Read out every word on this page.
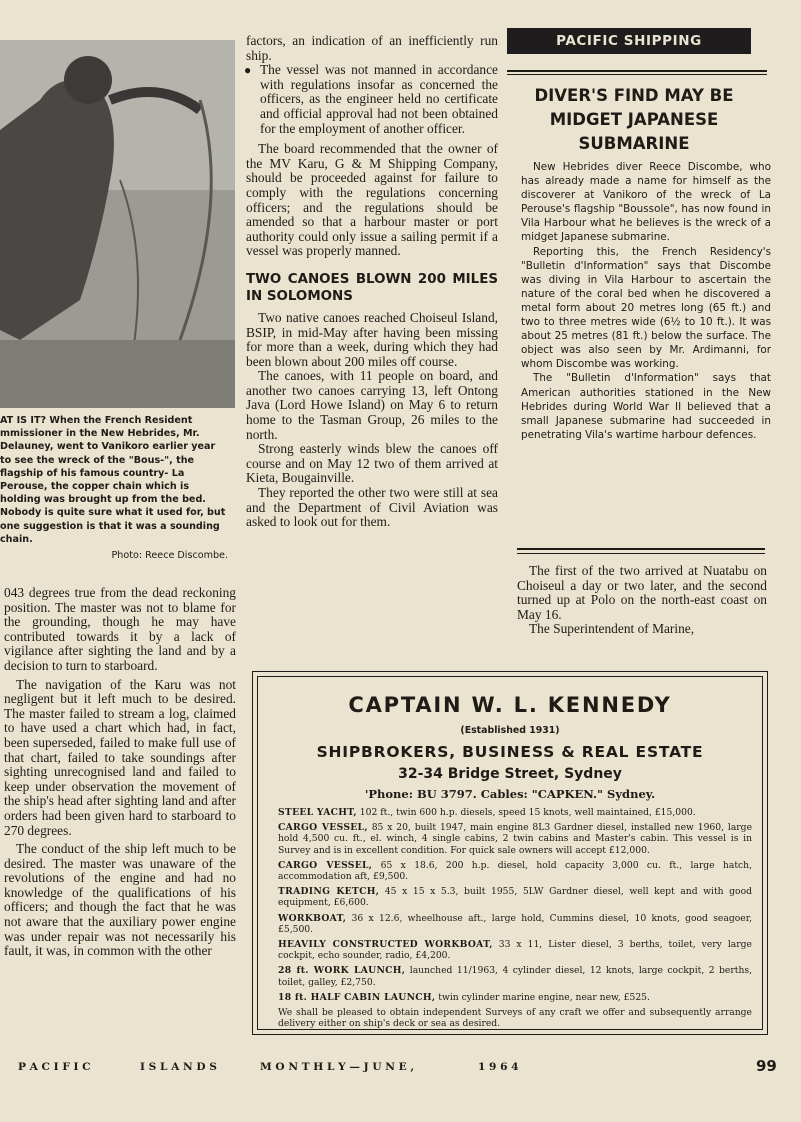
AT IS IT? When the French Resident mmissioner in the New Hebrides, Mr. Delauney, went to Vanikoro earlier year to see the wreck of the "Bous-", the flagship of his famous country- La Perouse, the copper chain which is holding was brought up from the bed. Nobody is quite sure what it used for, but one suggestion is that it was a sounding chain.
Photo: Reece Discombe.

043 degrees true from the dead reckoning position. The master was not to blame for the grounding, though he may have contributed towards it by a lack of vigilance after sighting the land and by a decision to turn to starboard.

The navigation of the Karu was not negligent but it left much to be desired. The master failed to stream a log, claimed to have used a chart which had, in fact, been superseded, failed to make full use of that chart, failed to take soundings after sighting unrecognised land and failed to keep under observation the movement of the ship's head after sighting land and after orders had been given hard to starboard to 270 degrees.

The conduct of the ship left much to be desired. The master was unaware of the revolutions of the engine and had no knowledge of the qualifications of his officers; and though the fact that he was not aware that the auxiliary power engine was under repair was not necessarily his fault, it was, in common with the other

factors, an indication of an inefficiently run ship.

● The vessel was not manned in accordance with regulations insofar as concerned the officers, as the engineer held no certificate and official approval had not been obtained for the employment of another officer.

The board recommended that the owner of the MV Karu, G & M Shipping Company, should be proceeded against for failure to comply with the regulations concerning officers; and the regulations should be amended so that a harbour master or port authority could only issue a sailing permit if a vessel was properly manned.

TWO CANOES BLOWN 200 MILES IN SOLOMONS

Two native canoes reached Choiseul Island, BSIP, in mid-May after having been missing for more than a week, during which they had been blown about 200 miles off course.

The canoes, with 11 people on board, and another two canoes carrying 13, left Ontong Java (Lord Howe Island) on May 6 to return home to the Tasman Group, 26 miles to the north.

Strong easterly winds blew the canoes off course and on May 12 two of them arrived at Kieta, Bougainville.

They reported the other two were still at sea and the Department of Civil Aviation was asked to look out for them.

PACIFIC SHIPPING
DIVER'S FIND MAY BE MIDGET JAPANESE SUBMARINE

New Hebrides diver Reece Discombe, who has already made a name for himself as the discoverer at Vanikoro of the wreck of La Perouse's flagship "Boussole", has now found in Vila Harbour what he believes is the wreck of a midget Japanese submarine.

Reporting this, the French Residency's "Bulletin d'Information" says that Discombe was diving in Vila Harbour to ascertain the nature of the coral bed when he discovered a metal form about 20 metres long (65 ft.) and two to three metres wide (6½ to 10 ft.). It was about 25 metres (81 ft.) below the surface. The object was also seen by Mr. Ardimanni, for whom Discombe was working.

The "Bulletin d'Information" says that American authorities stationed in the New Hebrides during World War II believed that a small Japanese submarine had succeeded in penetrating Vila's wartime harbour defences.

The first of the two arrived at Nuatabu on Choiseul a day or two later, and the second turned up at Polo on the north-east coast on May 16.

The Superintendent of Marine,

CAPTAIN W. L. KENNEDY
(Established 1931)
SHIPBROKERS, BUSINESS & REAL ESTATE
32-34 Bridge Street, Sydney
'Phone: BU 3797. Cables: "CAPKEN." Sydney.
STEEL YACHT, 102 ft., twin 600 h.p. diesels, speed 15 knots, well maintained, £15,000.
CARGO VESSEL, 85 x 20, built 1947, main engine 8L3 Gardner diesel, installed new 1960, large hold 4,500 cu. ft., el. winch, 4 single cabins, 2 twin cabins and Master's cabin. This vessel is in Survey and is in excellent condition. For quick sale owners will accept £12,000.
CARGO VESSEL, 65 x 18.6, 200 h.p. diesel, hold capacity 3,000 cu. ft., large hatch, accommodation aft, £9,500.
TRADING KETCH, 45 x 15 x 5.3, built 1955, 5LW Gardner diesel, well kept and with good equipment, £6,600.
WORKBOAT, 36 x 12.6, wheelhouse aft., large hold, Cummins diesel, 10 knots, good seagoer, £5,500.
HEAVILY CONSTRUCTED WORKBOAT, 33 x 11, Lister diesel, 3 berths, toilet, very large cockpit, echo sounder, radio, £4,200.
28 ft. WORK LAUNCH, launched 11/1963, 4 cylinder diesel, 12 knots, large cockpit, 2 berths, toilet, galley, £2,750.
18 ft. HALF CABIN LAUNCH, twin cylinder marine engine, near new, £525.
We shall be pleased to obtain independent Surveys of any craft we offer and subsequently arrange delivery either on ship's deck or sea as desired.
P A C I F I C	I S L A N D S	M O N T H L Y — J U N E ,	1 9 6 4	99
